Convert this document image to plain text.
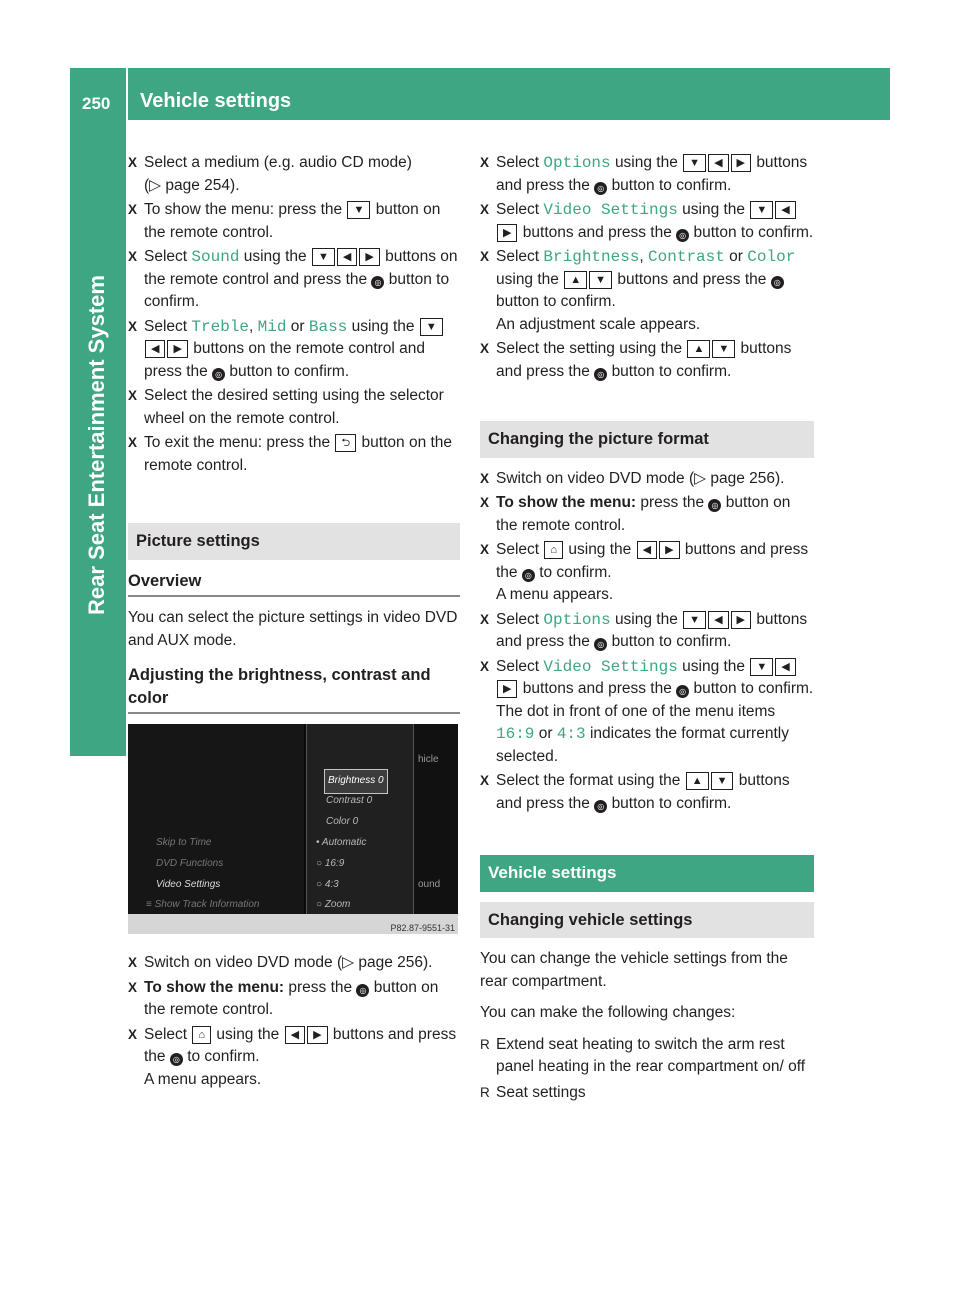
250 Vehicle settings
Rear Seat Entertainment System
X Select a medium (e.g. audio CD mode)
(▷ page 254).
X To show the menu: press the ▼ button on the remote control.
X Select Sound using the ▼ ◀ ▶ buttons on the remote control and press the ◎ button to confirm.
X Select Treble, Mid or Bass using the ▼◀ ▶ buttons on the remote control and press the ◎ button to confirm.
X Select the desired setting using the selector wheel on the remote control.
X To exit the menu: press the ⮌ button on the remote control.
Picture settings
Overview
You can select the picture settings in video DVD and AUX mode.
Adjusting the brightness, contrast and color
Skip to Time
DVD Functions
Video Settings
≡ Show Track Information
Brightness 0
Contrast 0
Color 0
• Automatic
○ 16:9
○ 4:3
○ Zoom
hicle
ound
P82.87-9551-31
X Switch on video DVD mode (▷ page 256).
X To show the menu: press the ◎ button on the remote control.
X Select ⌂ using the ◀ ▶ buttons and press the ◎ to confirm.
A menu appears.
X Select Options using the ▼ ◀ ▶ buttons and press the ◎ button to confirm.
X Select Video Settings using the ▼ ◀▶ buttons and press the ◎ button to confirm.
X Select Brightness, Contrast or Color using the ▲ ▼ buttons and press the ◎ button to confirm.
An adjustment scale appears.
X Select the setting using the ▲ ▼ buttons and press the ◎ button to confirm.
Changing the picture format
X Switch on video DVD mode (▷ page 256).
X To show the menu: press the ◎ button on the remote control.
X Select ⌂ using the ◀ ▶ buttons and press the ◎ to confirm.
A menu appears.
X Select Options using the ▼ ◀ ▶ buttons and press the ◎ button to confirm.
X Select Video Settings using the ▼ ◀▶ buttons and press the ◎ button to confirm.
The dot in front of one of the menu items 16:9 or 4:3 indicates the format currently selected.
X Select the format using the ▲ ▼ buttons and press the ◎ button to confirm.
Vehicle settings
Changing vehicle settings
You can change the vehicle settings from the rear compartment.
You can make the following changes:
R Extend seat heating to switch the arm rest panel heating in the rear compartment on/ off
R Seat settings
